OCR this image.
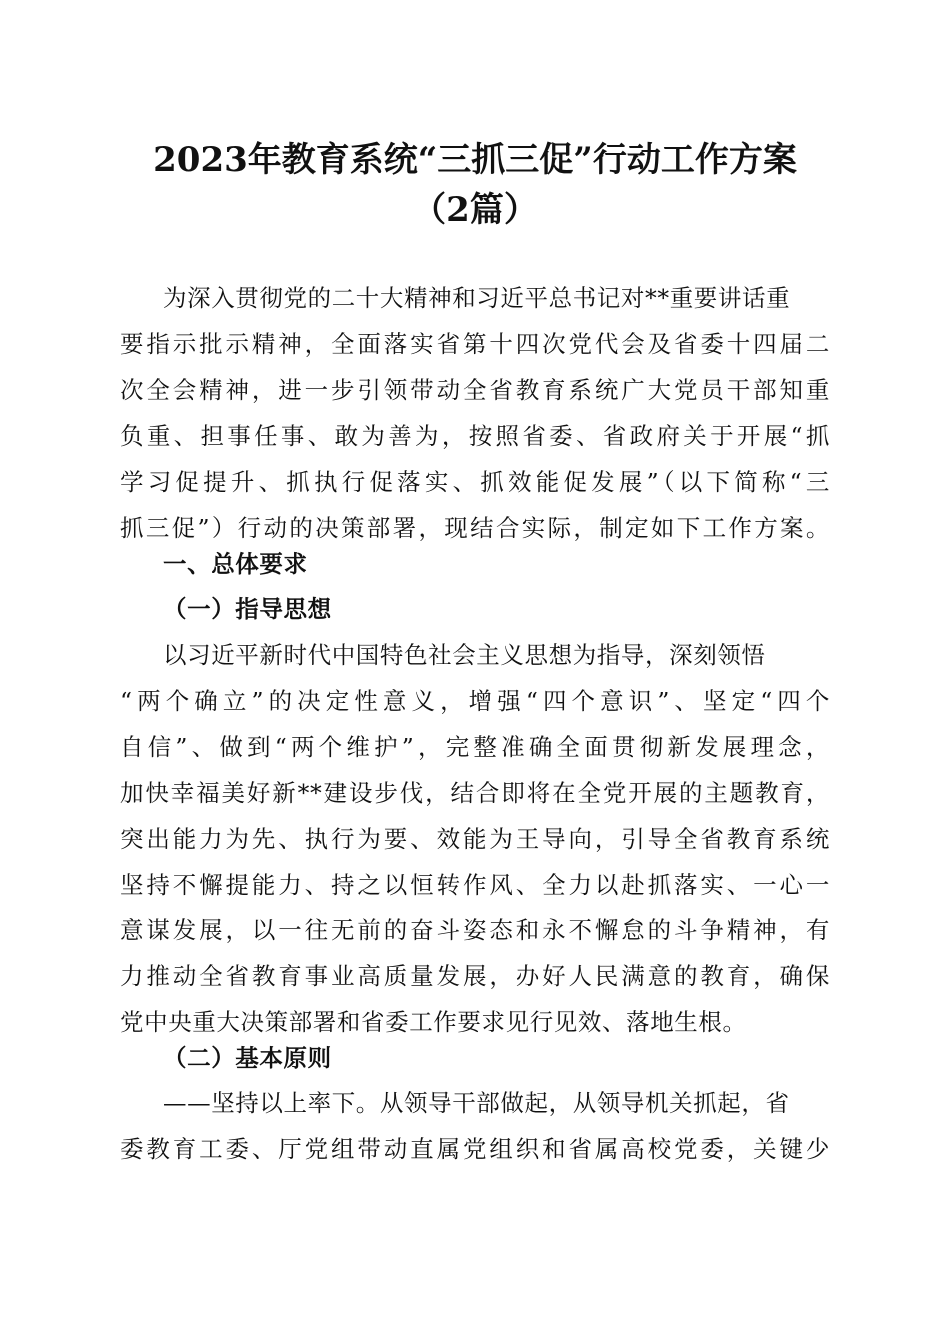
2023年教育系统“三抓三促”行动工作方案
（2篇）
为深入贯彻党的二十大精神和习近平总书记对**重要讲话重
要指示批示精神，全面落实省第十四次党代会及省委十四届二
次全会精神，进一步引领带动全省教育系统广大党员干部知重
负重、担事任事、敢为善为，按照省委、省政府关于开展“抓
学习促提升、抓执行促落实、抓效能促发展”（以下简称“三
抓三促”）行动的决策部署，现结合实际，制定如下工作方案。
一、总体要求
（一）指导思想
以习近平新时代中国特色社会主义思想为指导，深刻领悟
“两个确立”的决定性意义，增强“四个意识”、坚定“四个
自信”、做到“两个维护”，完整准确全面贯彻新发展理念，
加快幸福美好新**建设步伐，结合即将在全党开展的主题教育，
突出能力为先、执行为要、效能为王导向，引导全省教育系统
坚持不懈提能力、持之以恒转作风、全力以赴抓落实、一心一
意谋发展，以一往无前的奋斗姿态和永不懈怠的斗争精神，有
力推动全省教育事业高质量发展，办好人民满意的教育，确保
党中央重大决策部署和省委工作要求见行见效、落地生根。
（二）基本原则
——坚持以上率下。从领导干部做起，从领导机关抓起，省
委教育工委、厅党组带动直属党组织和省属高校党委，关键少
